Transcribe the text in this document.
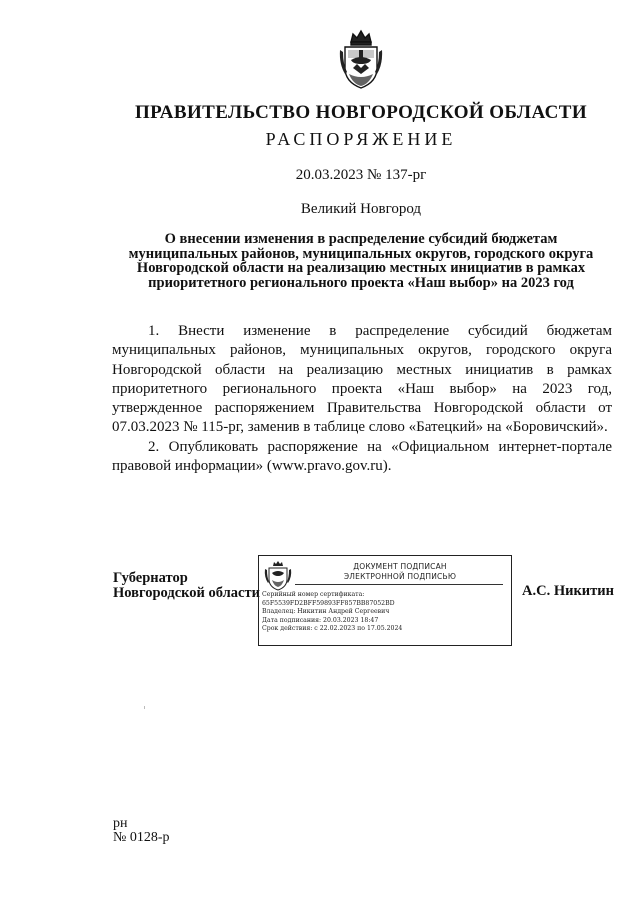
ПРАВИТЕЛЬСТВО НОВГОРОДСКОЙ ОБЛАСТИ
РАСПОРЯЖЕНИЕ
20.03.2023 № 137-рг
Великий Новгород
О внесении изменения в распределение субсидий бюджетам
муниципальных районов, муниципальных округов, городского округа
Новгородской области на реализацию местных инициатив в рамках
приоритетного регионального проекта «Наш выбор» на 2023 год

1. Внести изменение в распределение субсидий бюджетам муниципальных районов, муниципальных округов, городского округа Новгородской области на реализацию местных инициатив в рамках приоритетного регионального проекта «Наш выбор» на 2023 год, утвержденное распоряжением Правительства Новгородской области от 07.03.2023 № 115-рг, заменив в таблице слово «Батецкий» на «Боровичский».

2. Опубликовать распоряжение на «Официальном интернет-портале правовой информации» (www.pravo.gov.ru).

Губернатор
Новгородской области
ДОКУМЕНТ ПОДПИСАН
ЭЛЕКТРОННОЙ ПОДПИСЬЮ
Серийный номер сертификата:
65F5539FD2BFF59893FF857BB87052BD
Владелец: Никитин Андрей Сергеевич
Дата подписания: 20.03.2023 18:47
Срок действия: с 22.02.2023 по 17.05.2024
А.С. Никитин
рн
№ 0128-р
